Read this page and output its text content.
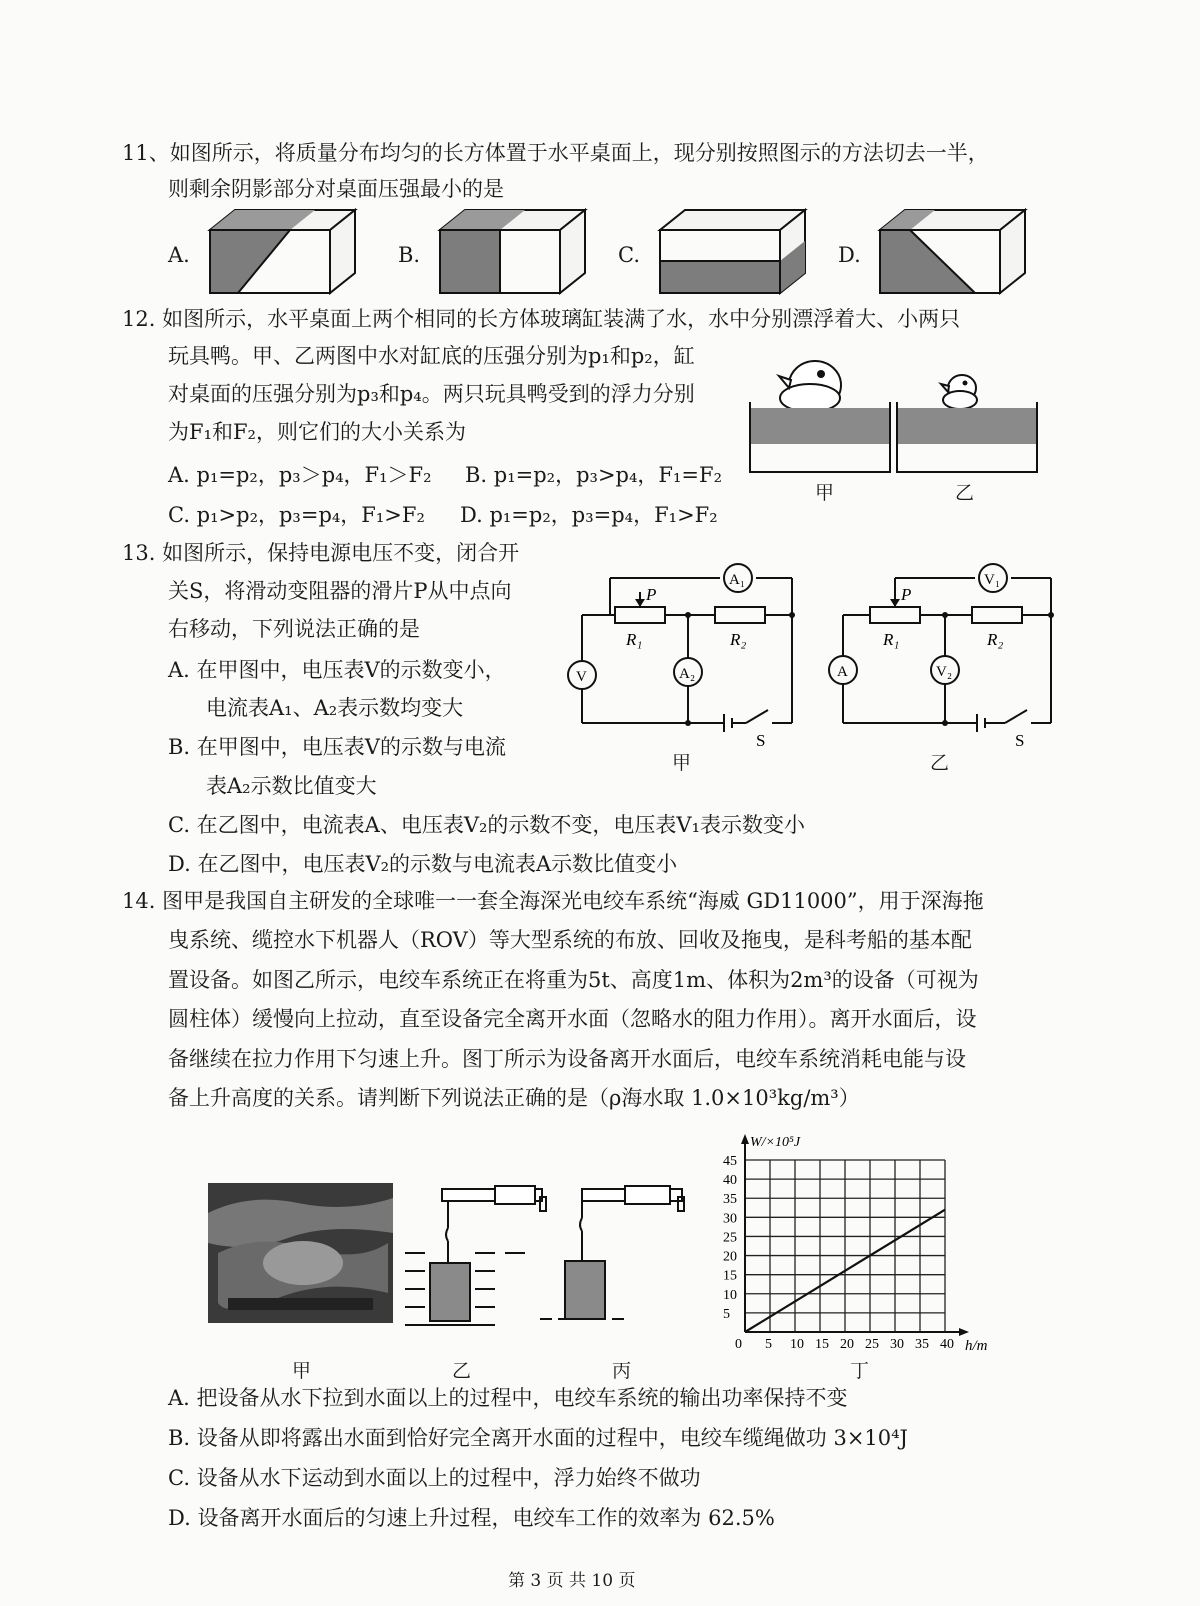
11、如图所示，将质量分布均匀的长方体置于水平桌面上，现分别按照图示的方法切去一半，
则剩余阴影部分对桌面压强最小的是
A.	B.	C.	D.
12. 如图所示，水平桌面上两个相同的长方体玻璃缸装满了水，水中分别漂浮着大、小两只
玩具鸭。甲、乙两图中水对缸底的压强分别为p₁和p₂，缸
对桌面的压强分别为p₃和p₄。两只玩具鸭受到的浮力分别
为F₁和F₂，则它们的大小关系为
A. p₁=p₂，p₃＞p₄，F₁＞F₂ B. p₁=p₂，p₃>p₄，F₁=F₂
C. p₁>p₂，p₃=p₄，F₁>F₂ D. p₁=p₂，p₃=p₄，F₁>F₂
甲	乙
13. 如图所示，保持电源电压不变，闭合开
关S，将滑动变阻器的滑片P从中点向
右移动，下列说法正确的是
A. 在甲图中，电压表V的示数变小，
电流表A₁、A₂表示数均变大
B. 在甲图中，电压表V的示数与电流
表A₂示数比值变大
C. 在乙图中，电流表A、电压表V₂的示数不变，电压表V₁表示数变小
D. 在乙图中，电压表V₂的示数与电流表A示数比值变小
P
R₁	R₂
A₁
V	A₂
S
甲
P
R₁	R₂
V₁
A	V₂
S
乙
14. 图甲是我国自主研发的全球唯一一套全海深光电绞车系统“海威 GD11000”，用于深海拖
曳系统、缆控水下机器人（ROV）等大型系统的布放、回收及拖曳，是科考船的基本配
置设备。如图乙所示，电绞车系统正在将重为5t、高度1m、体积为2m³的设备（可视为
圆柱体）缓慢向上拉动，直至设备完全离开水面（忽略水的阻力作用）。离开水面后，设
备继续在拉力作用下匀速上升。图丁所示为设备离开水面后，电绞车系统消耗电能与设
备上升高度的关系。请判断下列说法正确的是（ρ海水取 1.0×10³kg/m³）
W/×10⁵J
h/m
0 5 10 15 20 25 30 35 40
5
10
15
20
25
30
35
40
45
甲	乙	丙	丁
A. 把设备从水下拉到水面以上的过程中，电绞车系统的输出功率保持不变
B. 设备从即将露出水面到恰好完全离开水面的过程中，电绞车缆绳做功 3×10⁴J
C. 设备从水下运动到水面以上的过程中，浮力始终不做功
D. 设备离开水面后的匀速上升过程，电绞车工作的效率为 62.5%
第 3 页 共 10 页
